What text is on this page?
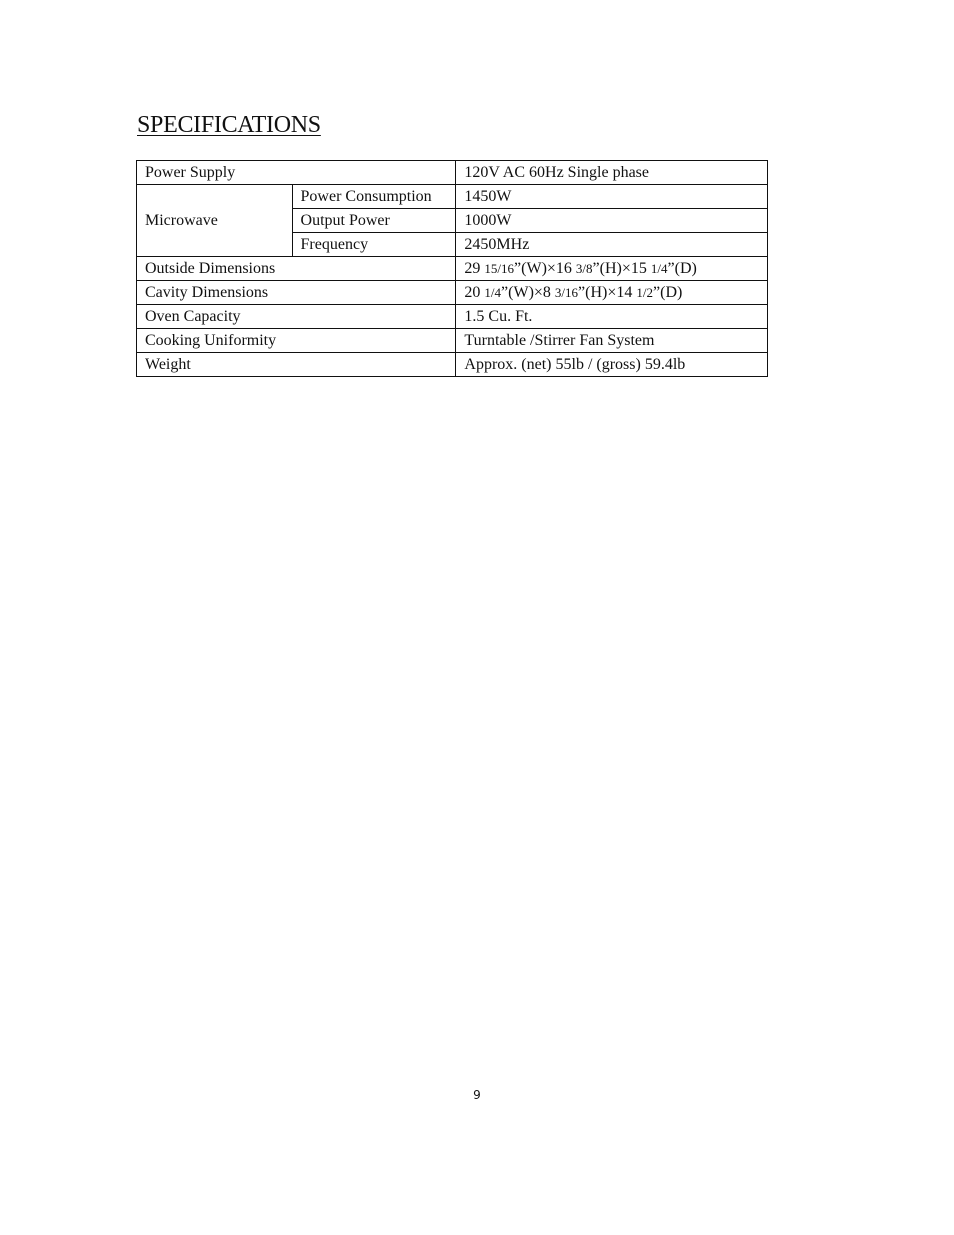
SPECIFICATIONS
Power Supply		120V AC 60Hz Single phase
Microwave	Power Consumption	1450W
	Output Power	1000W
	Frequency	2450MHz
Outside Dimensions		29 15/16”(W)×16 3/8”(H)×15 1/4”(D)
Cavity Dimensions		20 1/4”(W)×8 3/16”(H)×14 1/2”(D)
Oven Capacity		1.5 Cu. Ft.
Cooking Uniformity		Turntable /Stirrer Fan System
Weight		Approx. (net) 55lb / (gross) 59.4lb
9
